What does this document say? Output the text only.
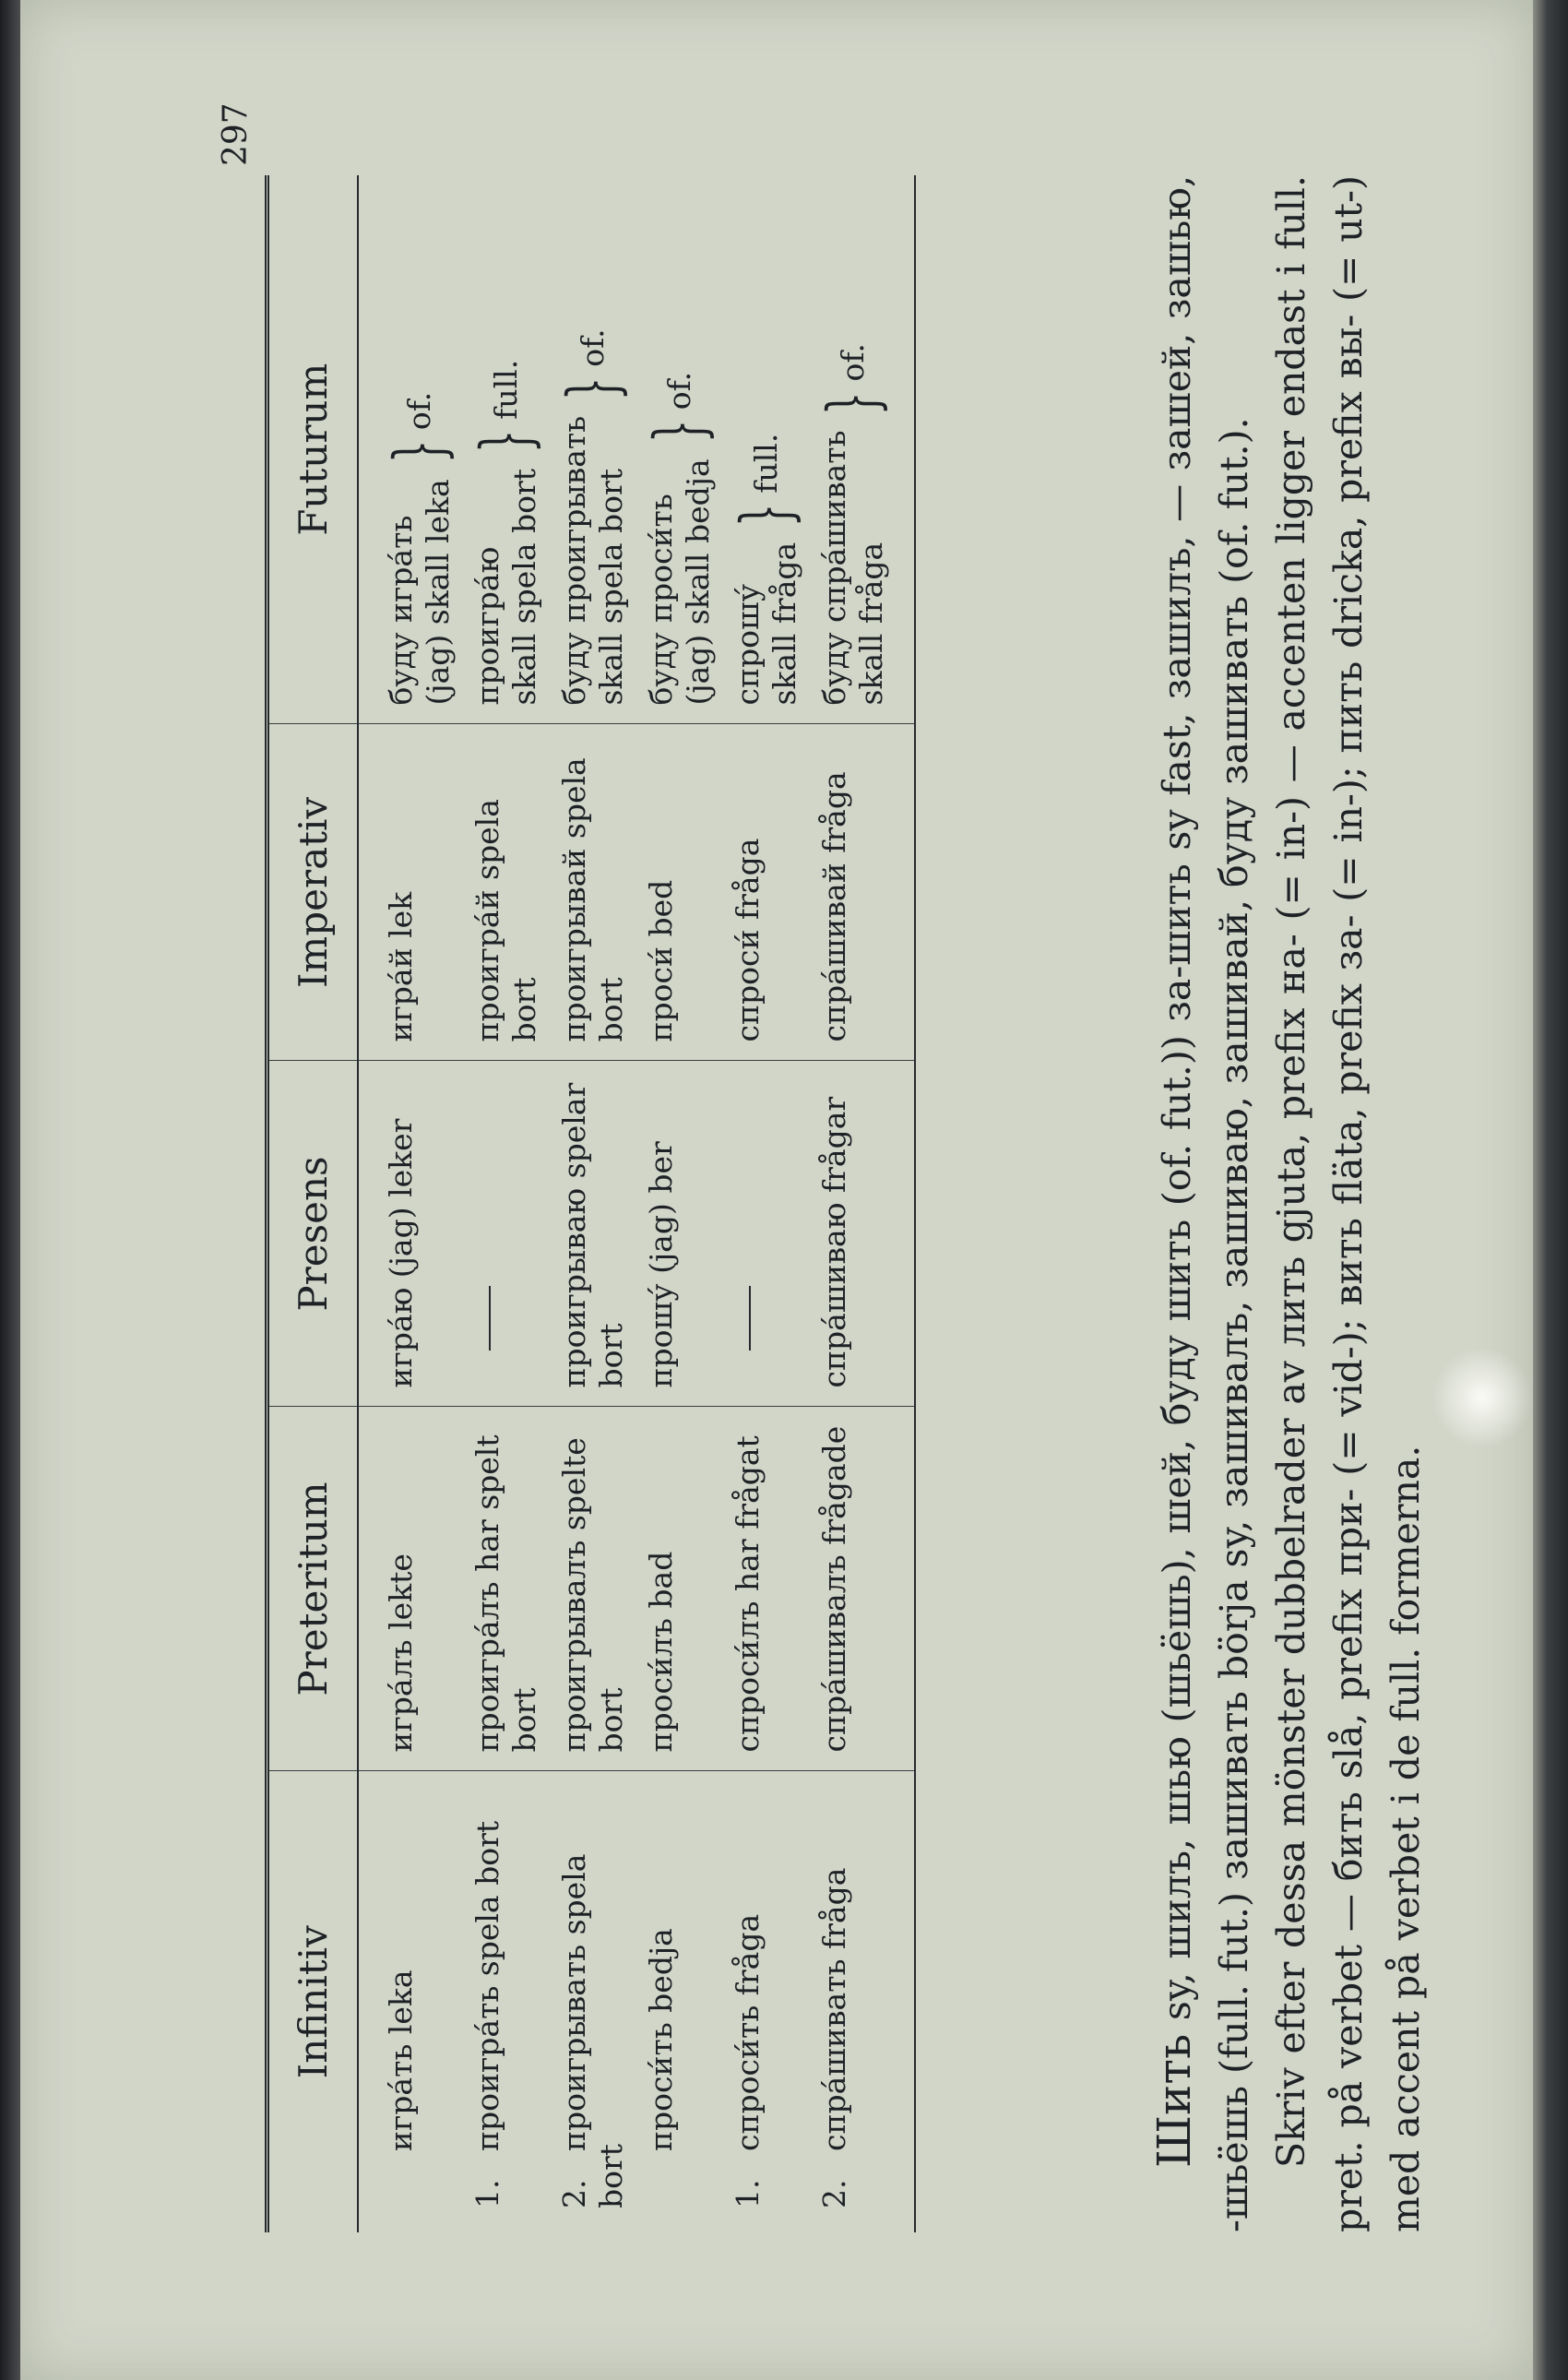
297
Infinitiv	Preteritum	Presens	Imperativ	Futurum
игра́ть leka	игра́лъ lekte	игра́ю (jag) leker	игра́й lek	буду игра́ть
(jag) skall leka
}
of.

1.проигра́ть spela bort	проигра́лъ har spelt bort		проигра́й spela bort	проигра́ю
skall spela bort
}
full.

2.проигрывать spela bort	проигрывалъ spelte bort	проигрываю spelar bort	проигрывай spela bort	буду проигрывать
skall spela bort
}
of.

проси́ть bedja	проси́лъ bad	прошу́ (jag) ber	проси́ bed	буду проси́ть
(jag) skall bedja
}
of.

1.спроси́ть fråga	спроси́лъ har frågat		спроси́ fråga	спрошу́
skall fråga
}
full.

2.спра́шивать fråga	спра́шивалъ frågade	спра́шиваю frågar	спра́шивай fråga	буду спра́шивать
skall fråga
}
of.

Шить sy, шилъ, шью (шьёшь), шей, буду шить (of. fut.)) за-шить sy fast, зашилъ, — зашей, зашью, -шьёшь (full. fut.) зашивать börja sy, зашивалъ, зашиваю, зашивай, буду зашивать (of. fut.). Skriv efter dessa mönster dubbelrader av лить gjuta, prefix на- (= in-) — accenten ligger endast i full. pret. på verbet — бить slå, prefix при- (= vid-); вить fläta, prefix за- (= in-); пить dricka, prefix вы- (= ut-) med accent på verbet i de full. formerna.
